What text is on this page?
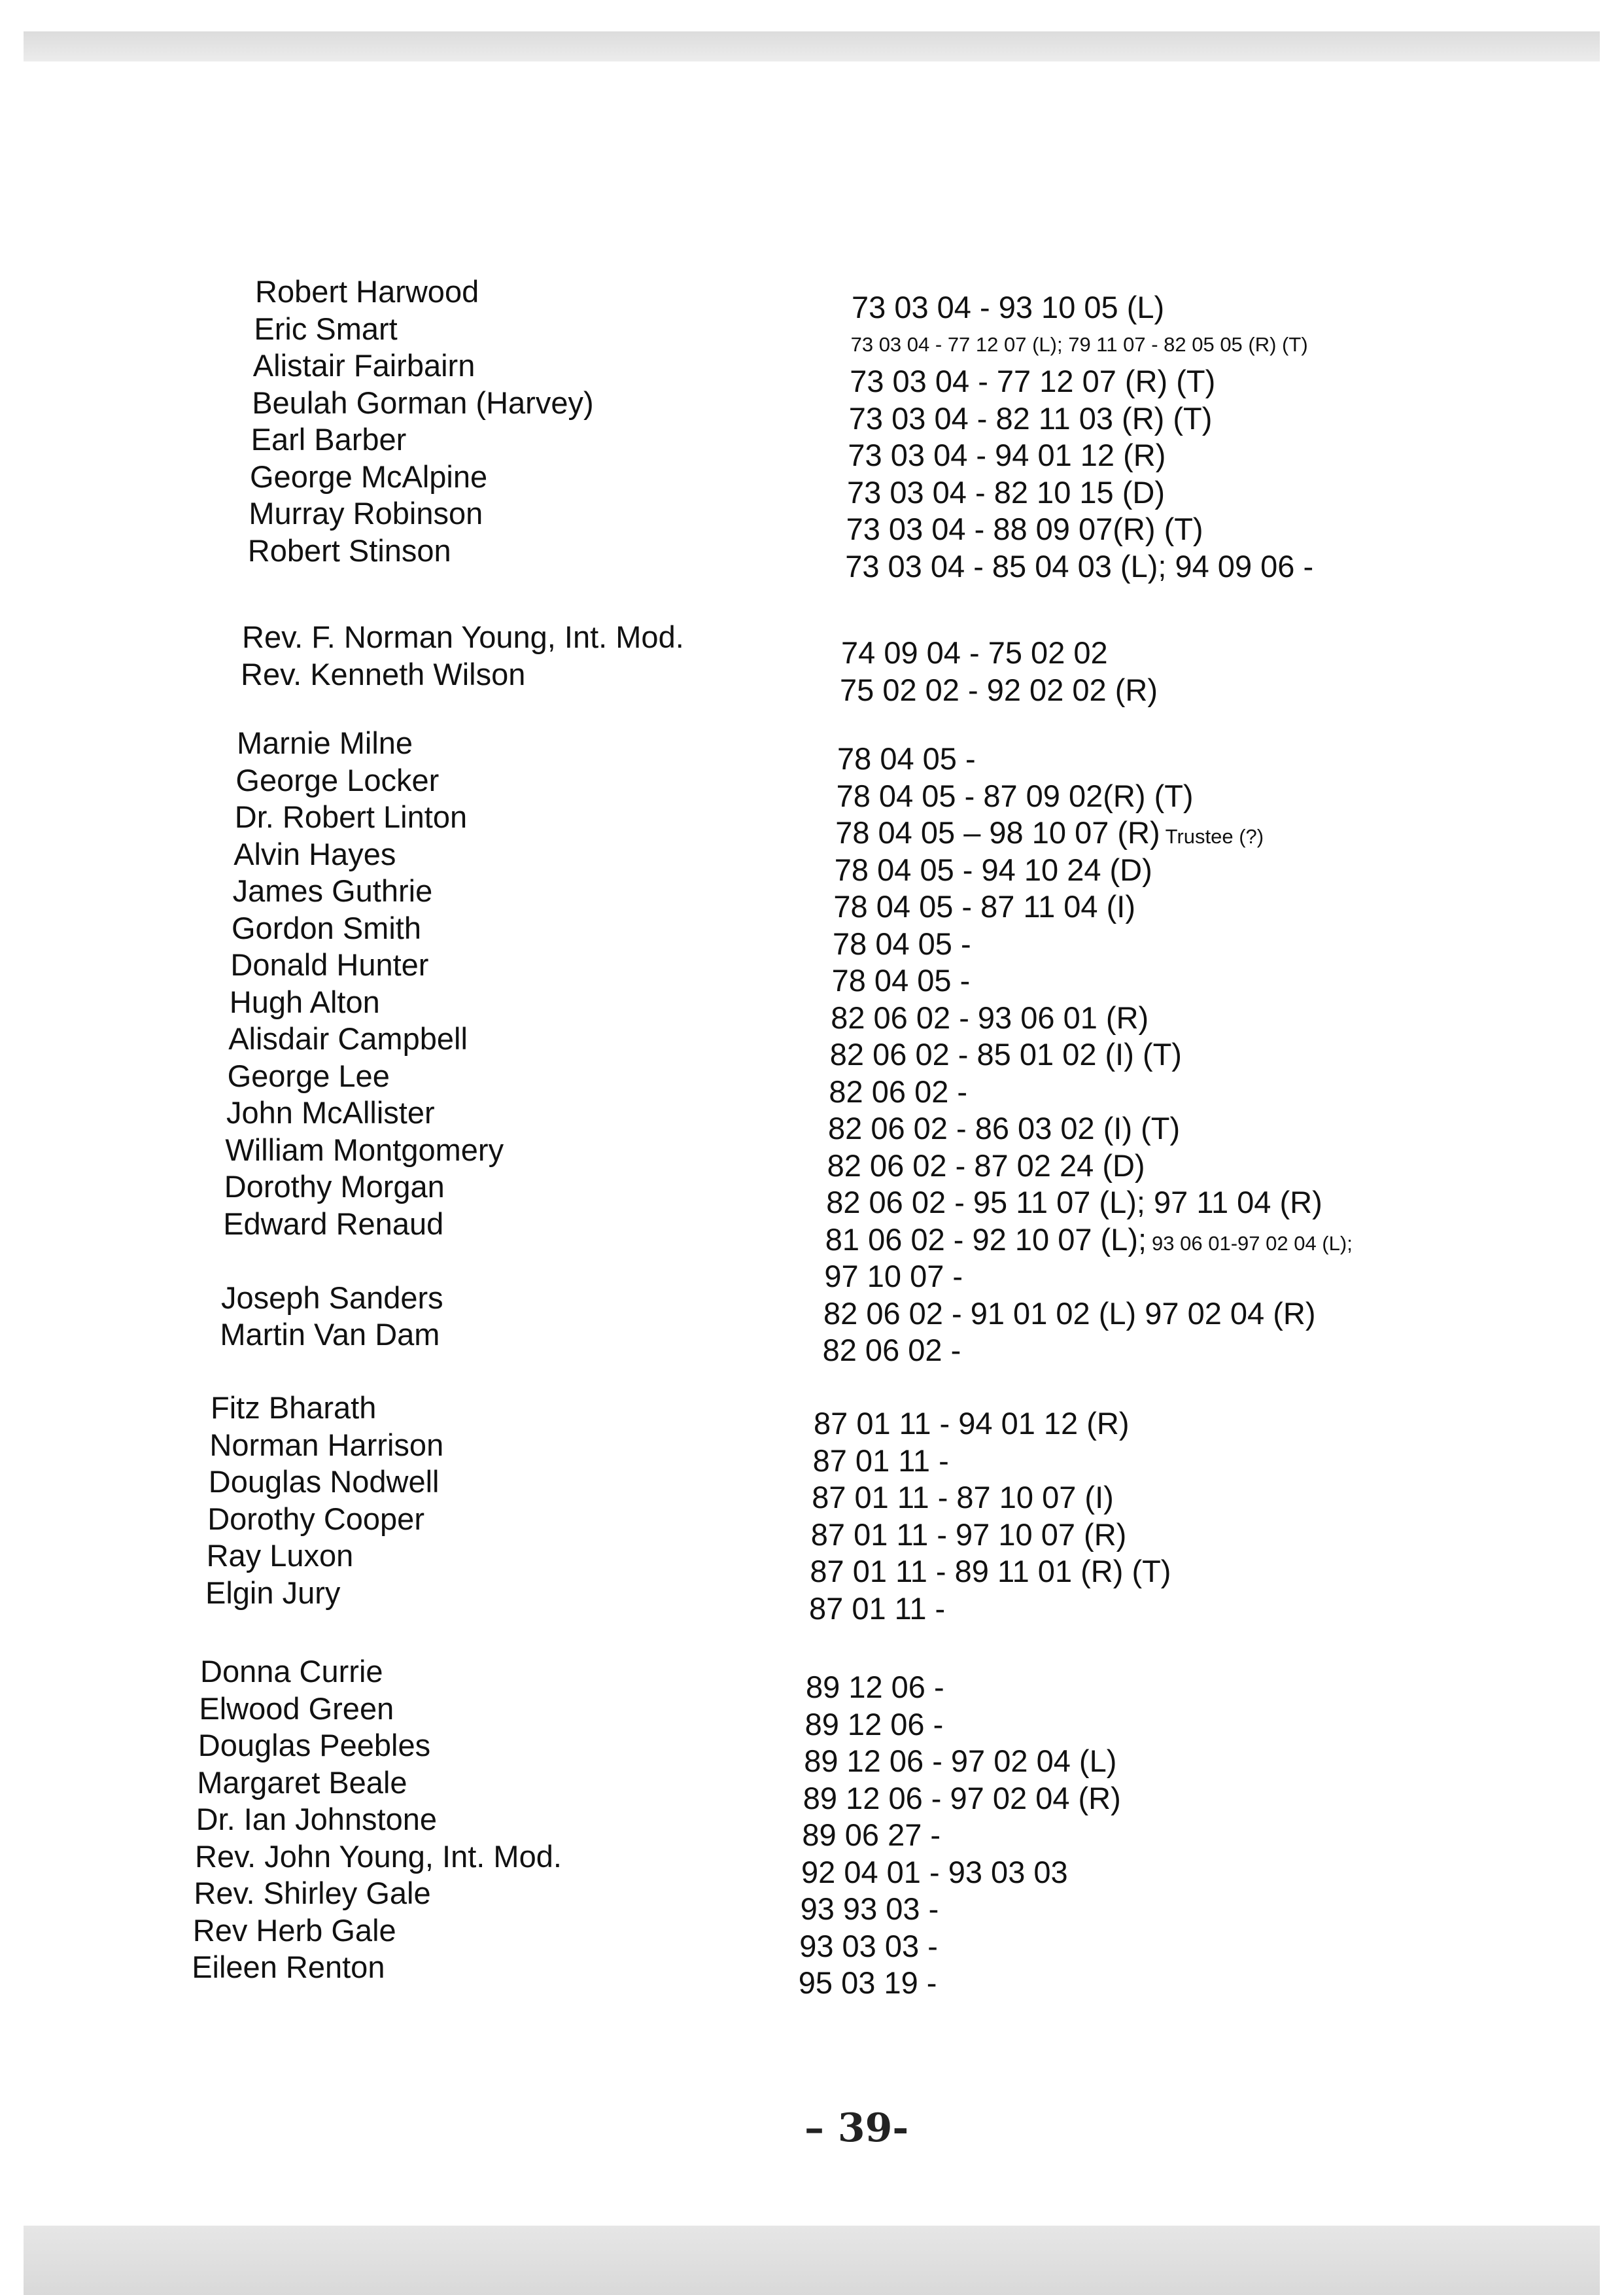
Robert Harwood	73 03 04 - 93 10 05 (L)
Eric Smart	73 03 04 - 77 12 07 (L); 79 11 07 - 82 05 05 (R) (T)
Alistair Fairbairn	73 03 04 - 77 12 07 (R) (T)
Beulah Gorman (Harvey)	73 03 04 - 82 11 03 (R) (T)
Earl Barber	73 03 04 - 94 01 12 (R)
George McAlpine	73 03 04 - 82 10 15 (D)
Murray Robinson	73 03 04 - 88 09 07(R) (T)
Robert Stinson	73 03 04 - 85 04 03 (L); 94 09 06 -
Rev. F. Norman Young, Int. Mod.	74 09 04 - 75 02 02
Rev. Kenneth Wilson	75 02 02 - 92 02 02 (R)
Marnie Milne	78 04 05 -
George Locker	78 04 05 - 87 09 02(R) (T)
Dr. Robert Linton	78 04 05 – 98 10 07 (R) Trustee (?)
Alvin Hayes	78 04 05 - 94 10 24 (D)
James Guthrie	78 04 05 - 87 11 04 (I)
Gordon Smith	78 04 05 -
Donald Hunter	78 04 05 -
Hugh Alton	82 06 02 - 93 06 01 (R)
Alisdair Campbell	82 06 02 - 85 01 02 (I) (T)
George Lee	82 06 02 -
John McAllister	82 06 02 - 86 03 02 (I) (T)
William Montgomery	82 06 02 - 87 02 24 (D)
Dorothy Morgan	82 06 02 - 95 11 07 (L); 97 11 04 (R)
Edward Renaud	81 06 02 - 92 10 07 (L); 93 06 01-97 02 04 (L);
97 10 07 -
Joseph Sanders	82 06 02 - 91 01 02 (L) 97 02 04 (R)
Martin Van Dam	82 06 02 -
Fitz Bharath	87 01 11 - 94 01 12 (R)
Norman Harrison	87 01 11 -
Douglas Nodwell	87 01 11 - 87 10 07 (I)
Dorothy Cooper	87 01 11 - 97 10 07 (R)
Ray Luxon	87 01 11 - 89 11 01 (R) (T)
Elgin Jury	87 01 11 -
Donna Currie	89 12 06 -
Elwood Green	89 12 06 -
Douglas Peebles	89 12 06 - 97 02 04 (L)
Margaret Beale	89 12 06 - 97 02 04 (R)
Dr. Ian Johnstone	89 06 27 -
Rev. John Young, Int. Mod.	92 04 01 - 93 03 03
Rev. Shirley Gale	93 93 03 -
Rev Herb Gale	93 03 03 -
Eileen Renton	95 03 19 -
– 39-
